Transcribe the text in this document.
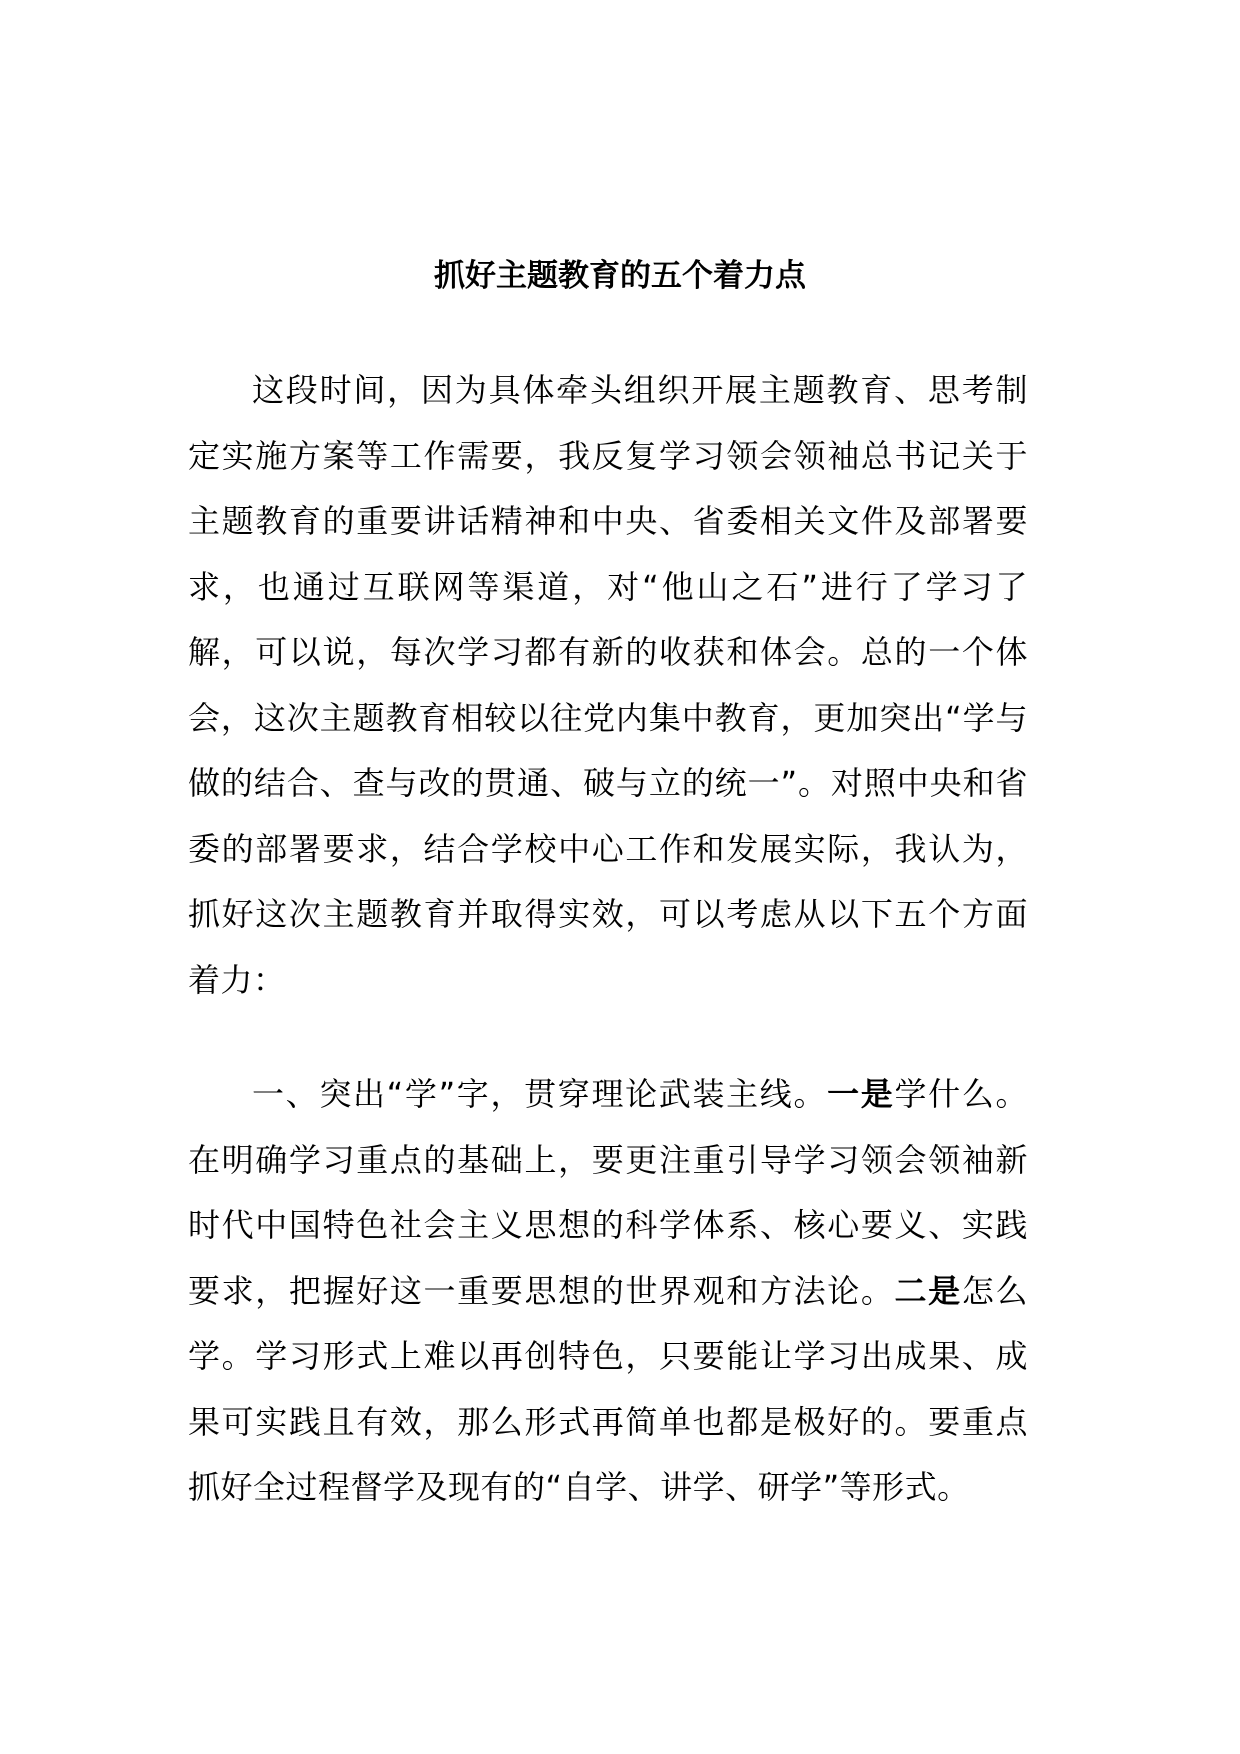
抓好主题教育的五个着力点

这段时间，因为具体牵头组织开展主题教育、思考制定实施方案等工作需要，我反复学习领会领袖总书记关于主题教育的重要讲话精神和中央、省委相关文件及部署要求，也通过互联网等渠道，对“他山之石”进行了学习了解，可以说，每次学习都有新的收获和体会。总的一个体会，这次主题教育相较以往党内集中教育，更加突出“学与做的结合、查与改的贯通、破与立的统一”。对照中央和省委的部署要求，结合学校中心工作和发展实际，我认为，抓好这次主题教育并取得实效，可以考虑从以下五个方面着力：

一、突出“学”字，贯穿理论武装主线。一是学什么。在明确学习重点的基础上，要更注重引导学习领会领袖新时代中国特色社会主义思想的科学体系、核心要义、实践要求，把握好这一重要思想的世界观和方法论。二是怎么学。学习形式上难以再创特色，只要能让学习出成果、成果可实践且有效，那么形式再简单也都是极好的。要重点抓好全过程督学及现有的“自学、讲学、研学”等形式。
